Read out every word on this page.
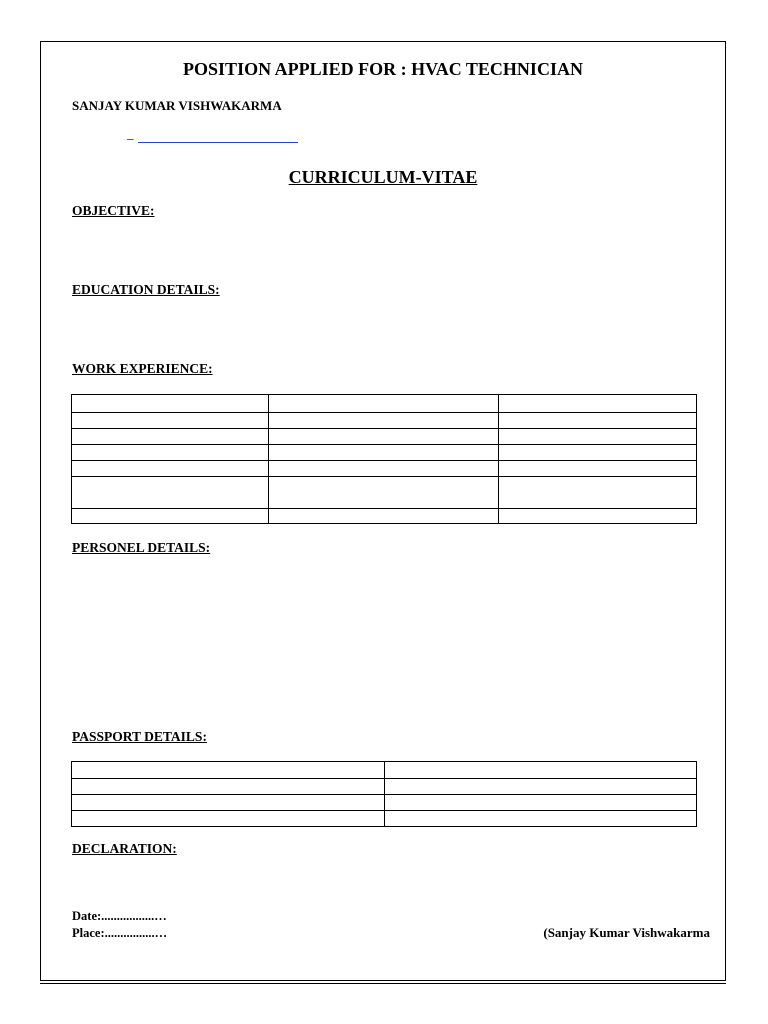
POSITION APPLIED FOR : HVAC TECHNICIAN
SANJAY KUMAR VISHWAKARMA
_
CURRICULUM-VITAE
OBJECTIVE:
EDUCATION DETAILS:
WORK EXPERIENCE:

PERSONEL DETAILS:
PASSPORT DETAILS:

DECLARATION:
Date:.................…
Place:................…	(Sanjay Kumar Vishwakarma
